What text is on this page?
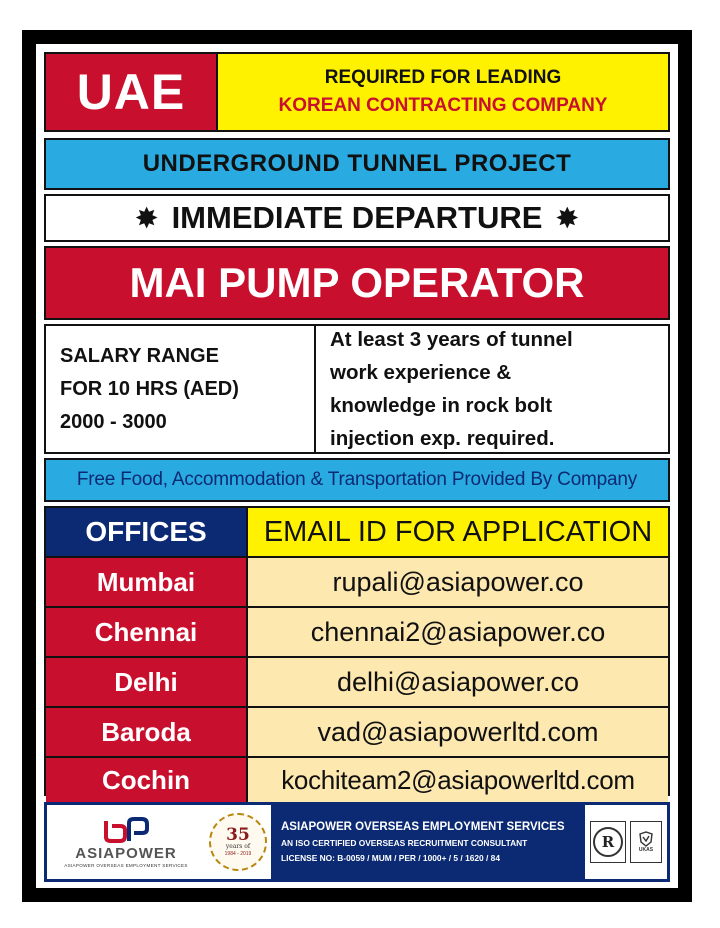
UAE	REQUIRED FOR LEADING
KOREAN CONTRACTING COMPANY
UNDERGROUND TUNNEL PROJECT
✸ IMMEDIATE DEPARTURE ✸
MAI PUMP OPERATOR
SALARY RANGE
FOR 10 HRS (AED)
2000 - 3000
At least 3 years of tunnel
work experience &
knowledge in rock bolt
injection exp. required.
Free Food, Accommodation & Transportation Provided By Company
OFFICES	EMAIL ID FOR APPLICATION
Mumbai	rupali@asiapower.co
Chennai	chennai2@asiapower.co
Delhi	delhi@asiapower.co
Baroda	vad@asiapowerltd.com
Cochin	kochiteam2@asiapowerltd.com
ASIAPOWER
ASIAPOWER OVERSEAS EMPLOYMENT SERVICES
35
years of
1984 - 2019
ASIAPOWER OVERSEAS EMPLOYMENT SERVICES
AN ISO CERTIFIED OVERSEAS RECRUITMENT CONSULTANT
LICENSE NO: B-0059 / MUM / PER / 1000+ / 5 / 1620 / 84
R	UKAS
